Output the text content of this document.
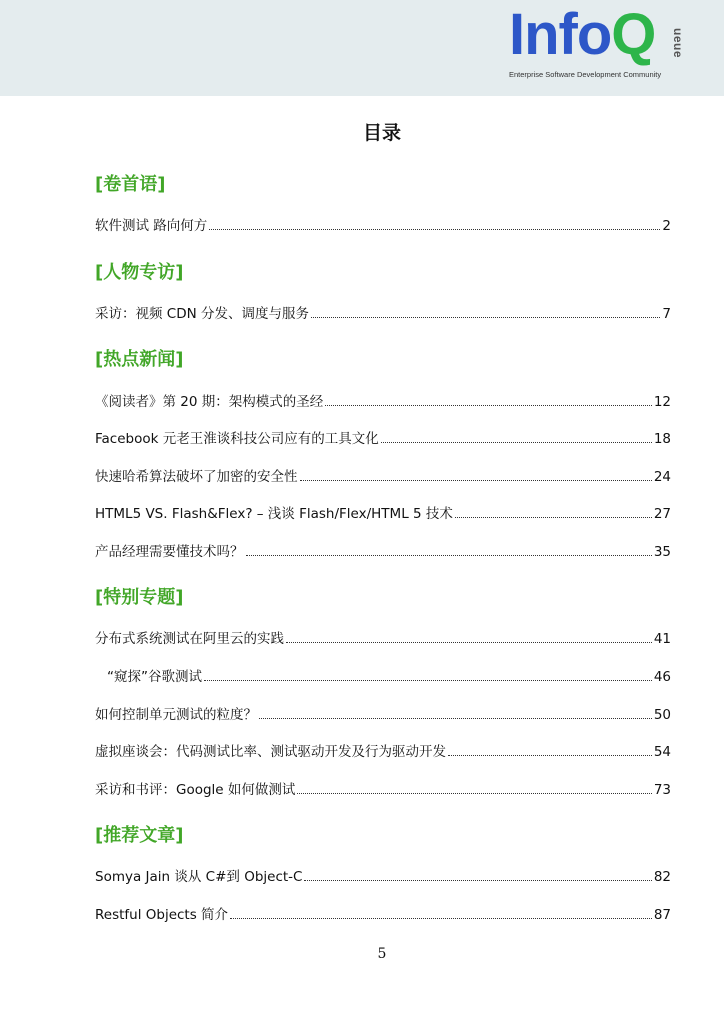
InfoQ ueue
Enterprise Software Development Community
目录
[卷首语]
软件测试 路向何方	2
[人物专访]
采访：视频 CDN 分发、调度与服务	7
[热点新闻]
《阅读者》第 20 期：架构模式的圣经	12
Facebook 元老王淮谈科技公司应有的工具文化	18
快速哈希算法破坏了加密的安全性	24
HTML5 VS. Flash&Flex? – 浅谈 Flash/Flex/HTML 5 技术	27
产品经理需要懂技术吗？	35
[特别专题]
分布式系统测试在阿里云的实践	41
“窥探”谷歌测试	46
如何控制单元测试的粒度？	50
虚拟座谈会：代码测试比率、测试驱动开发及行为驱动开发	54
采访和书评：Google 如何做测试	73
[推荐文章]
Somya Jain 谈从 C#到 Object-C	82
Restful Objects 简介	87
5
